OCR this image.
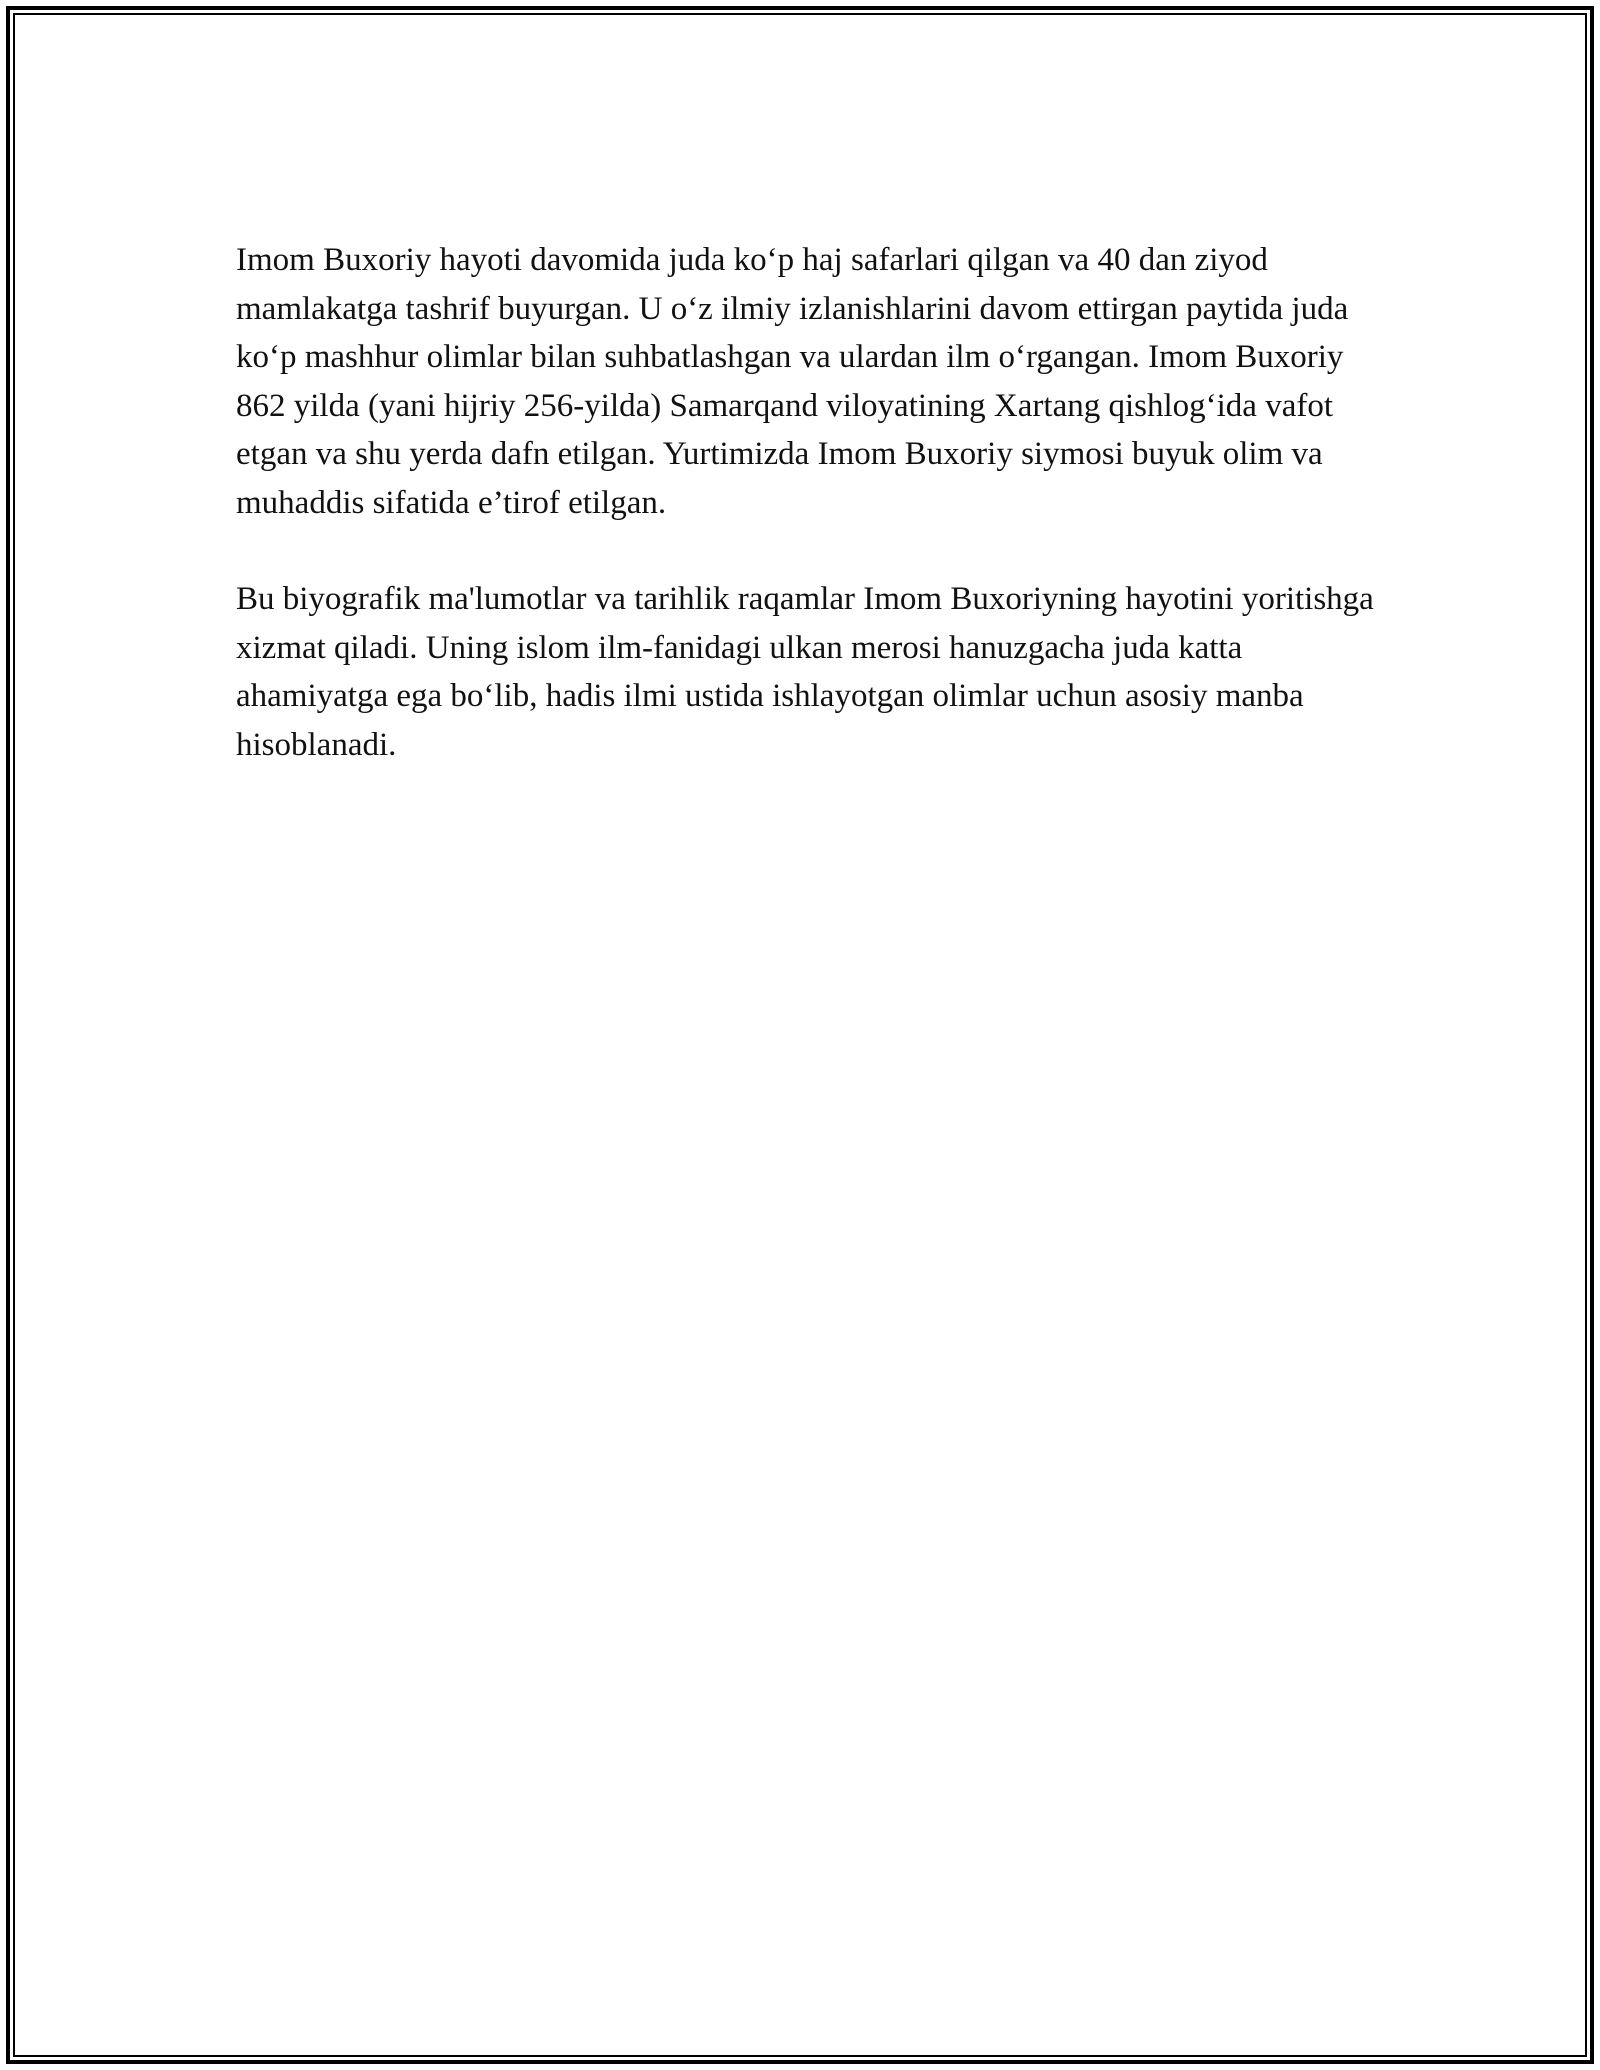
Imom Buxoriy hayoti davomida juda ko‘p haj safarlari qilgan va 40 dan ziyod mamlakatga tashrif buyurgan. U o‘z ilmiy izlanishlarini davom ettirgan paytida juda ko‘p mashhur olimlar bilan suhbatlashgan va ulardan ilm o‘rgangan. Imom Buxoriy 862 yilda (yani hijriy 256-yilda) Samarqand viloyatining Xartang qishlog‘ida vafot etgan va shu yerda dafn etilgan. Yurtimizda Imom Buxoriy siymosi buyuk olim va muhaddis sifatida e’tirof etilgan.

Bu biyografik ma'lumotlar va tarihlik raqamlar Imom Buxoriyning hayotini yoritishga xizmat qiladi. Uning islom ilm-fanidagi ulkan merosi hanuzgacha juda katta ahamiyatga ega bo‘lib, hadis ilmi ustida ishlayotgan olimlar uchun asosiy manba hisoblanadi.
